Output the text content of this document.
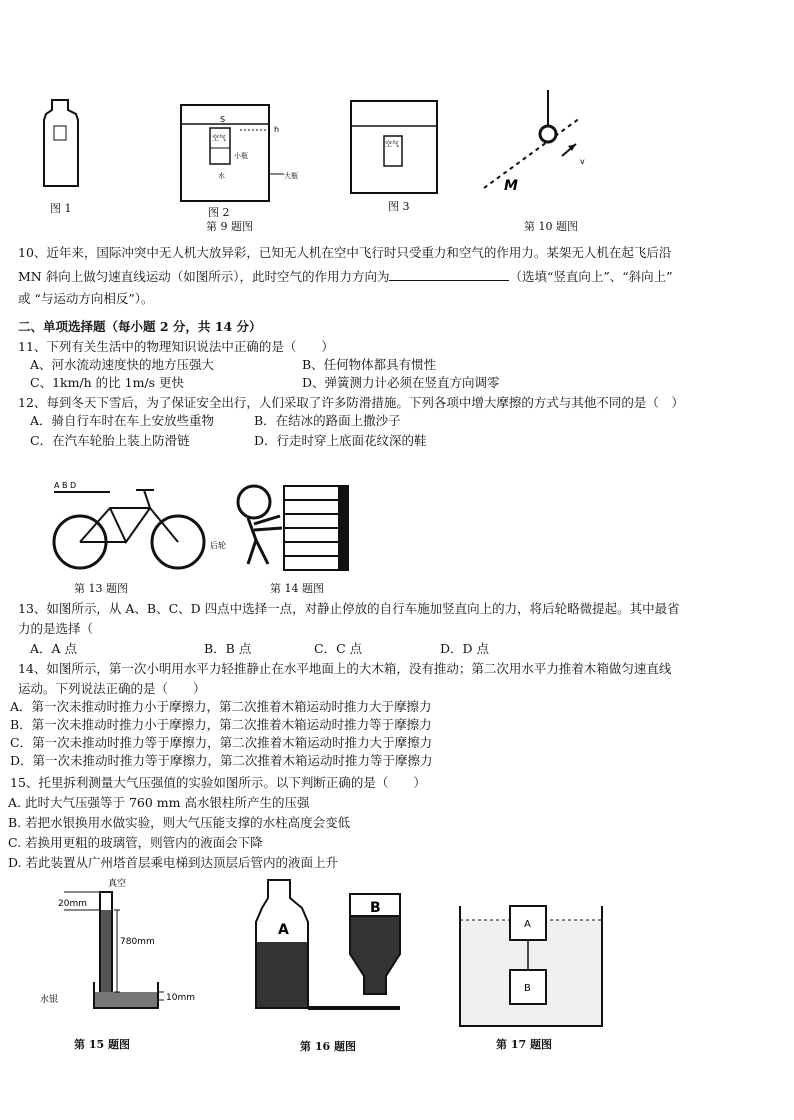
图 1
S
h
空气
小瓶
水	大瓶
图 2
第 9 题图
空气
图 3
M
v
第 10 题图
10、近年来，国际冲突中无人机大放异彩，已知无人机在空中飞行时只受重力和空气的作用力。某架无人机在起飞后沿
MN 斜向上做匀速直线运动（如图所示），此时空气的作用力方向为	（选填“竖直向上”、“斜向上”
或 “与运动方向相反”）。
二、单项选择题（每小题 2 分，共 14 分）
11、下列有关生活中的物理知识说法中正确的是（　　）
A、河水流动速度快的地方压强大	B、任何物体都具有惯性
C、1km/h 的比 1m/s 更快	D、弹簧测力计必须在竖直方向调零
12、每到冬天下雪后，为了保证安全出行，人们采取了许多防滑措施。下列各项中增大摩擦的方式与其他不同的是（　）
A．骑自行车时在车上安放些重物	B．在结冰的路面上撒沙子
C．在汽车轮胎上装上防滑链	D．行走时穿上底面花纹深的鞋
A B D
后轮
第 13 题图	第 14 题图
13、如图所示，从 A、B、C、D 四点中选择一点，对静止停放的自行车施加竖直向上的力，将后轮略微提起。其中最省
力的是选择（
A．A 点	B．B 点	C．C 点	D．D 点
14、如图所示，第一次小明用水平力轻推静止在水平地面上的大木箱，没有推动；第二次用水平力推着木箱做匀速直线
运动。下列说法正确的是（　　）
A．第一次未推动时推力小于摩擦力，第二次推着木箱运动时推力大于摩擦力
B．第一次未推动时推力小于摩擦力，第二次推着木箱运动时推力等于摩擦力
C．第一次未推动时推力等于摩擦力，第二次推着木箱运动时推力大于摩擦力
D．第一次未推动时推力等于摩擦力，第二次推着木箱运动时推力等于摩擦力
15、托里拆利测量大气压强值的实验如图所示。以下判断正确的是（　　）
A. 此时大气压强等于 760 mm 高水银柱所产生的压强
B. 若把水银换用水做实验，则大气压能支撑的水柱高度会变低
C. 若换用更粗的玻璃管，则管内的液面会下降
D. 若此装置从广州塔首层乘电梯到达顶层后管内的液面上升
真空
20mm
780mm
10mm
水银
第 15 题图
A
B
第 16 题图
A
B
第 17 题图
